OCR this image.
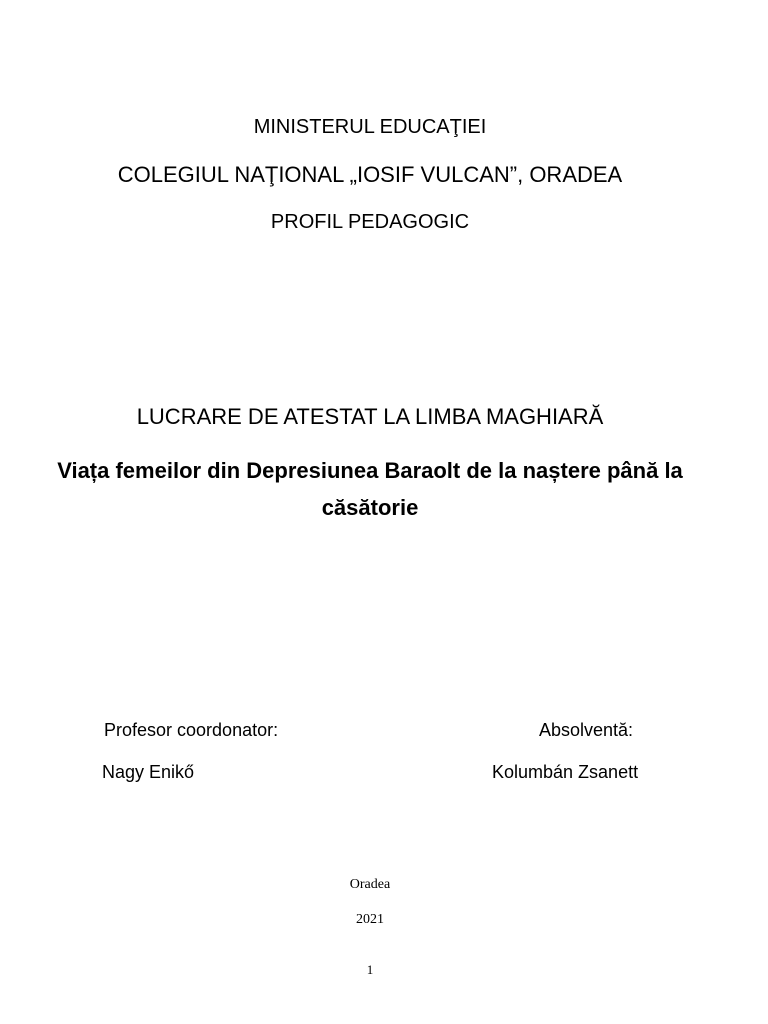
MINISTERUL EDUCAŢIEI
COLEGIUL NAŢIONAL „IOSIF VULCAN”, ORADEA
PROFIL PEDAGOGIC
LUCRARE DE ATESTAT LA LIMBA MAGHIARĂ
Viața femeilor din Depresiunea Baraolt de la naștere până la căsătorie
Profesor coordonator:
Nagy Enikő
Absolventă:
Kolumbán Zsanett
Oradea
2021
1
